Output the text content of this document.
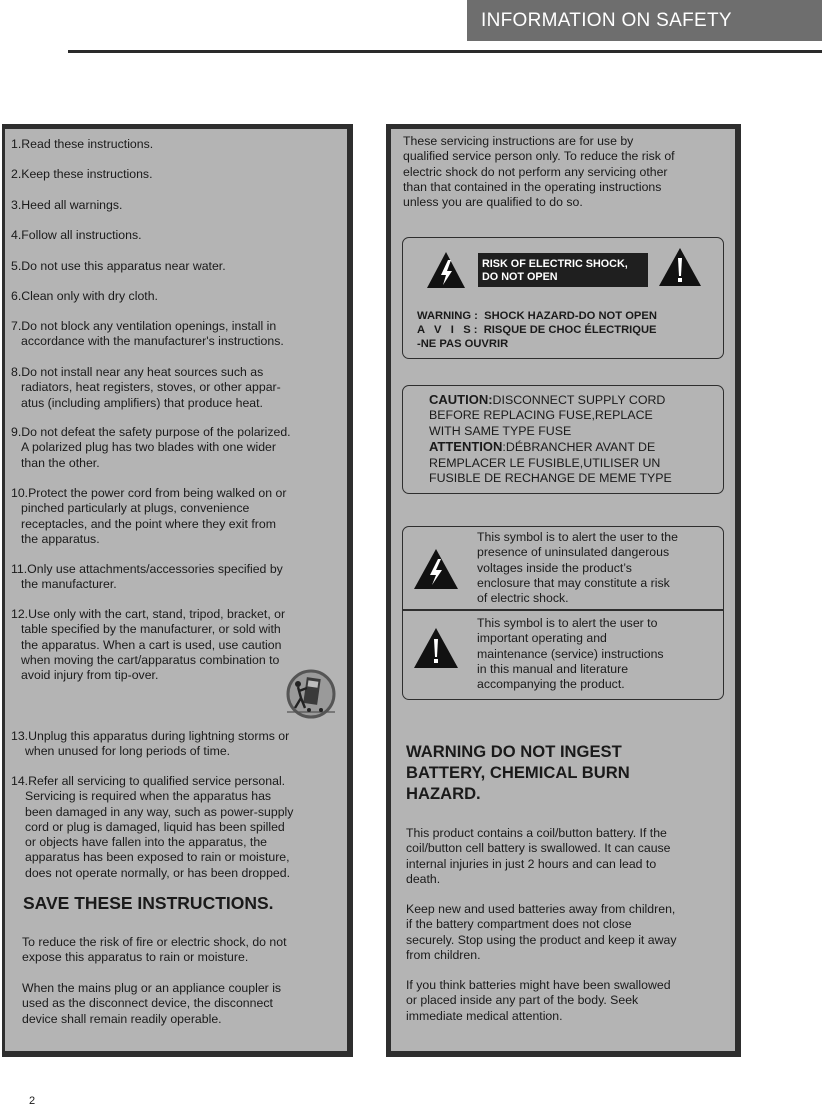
INFORMATION ON SAFETY

1.Read these instructions.

2.Keep these instructions.

3.Heed all warnings.

4.Follow all instructions.

5.Do not use this apparatus near water.

6.Clean only with dry cloth.

7.Do not block any ventilation openings, install in
accordance with the manufacturer's instructions.

8.Do not install near any heat sources such as
radiators, heat registers, stoves, or other appar-
atus (including amplifiers) that produce heat.

9.Do not defeat the safety purpose of the polarized.
A polarized plug has two blades with one wider
than the other.

10.Protect the power cord from being walked on or
pinched particularly at plugs, convenience
receptacles, and the point where they exit from
the apparatus.

11.Only use attachments/accessories specified by
the manufacturer.

12.Use only with the cart, stand, tripod, bracket, or
table specified by the manufacturer, or sold with
the apparatus. When a cart is used, use caution
when moving the cart/apparatus combination to
avoid injury from tip-over.

13.Unplug this apparatus during lightning storms or
when unused for long periods of time.

14.Refer all servicing to qualified service personal.
Servicing is required when the apparatus has
been damaged in any way, such as power-supply
cord or plug is damaged, liquid has been spilled
or objects have fallen into the apparatus, the
apparatus has been exposed to rain or moisture,
does not operate normally, or has been dropped.

SAVE THESE INSTRUCTIONS.

To reduce the risk of fire or electric shock, do not
expose this apparatus to rain or moisture.

When the mains plug or an appliance coupler is
used as the disconnect device, the disconnect
device shall remain readily operable.

These servicing instructions are for use by
qualified service person only. To reduce the risk of
electric shock do not perform any servicing other
than that contained in the operating instructions
unless you are qualified to do so.

RISK OF ELECTRIC SHOCK,
DO NOT OPEN

WARNING :  SHOCK HAZARD-DO NOT OPEN

A   V   I   S :  RISQUE DE CHOC ÉLECTRIQUE

-NE PAS OUVRIR

CAUTION:DISCONNECT SUPPLY CORD
BEFORE REPLACING FUSE,REPLACE
WITH SAME TYPE FUSE
ATTENTION:DÉBRANCHER AVANT DE
REMPLACER LE FUSIBLE,UTILISER UN
FUSIBLE DE RECHANGE DE MEME TYPE

This symbol is to alert the user to the
presence of uninsulated dangerous
voltages inside the product’s
enclosure that may constitute a risk
of electric shock.

This symbol is to alert the user to
important operating and
maintenance (service) instructions
in this manual and literature
accompanying the product.

WARNING DO NOT INGEST
BATTERY, CHEMICAL BURN
HAZARD.

This product contains a coil/button battery. If the
coil/button cell battery is swallowed. It can cause
internal injuries in just 2 hours and can lead to
death.

Keep new and used batteries away from children,
if the battery compartment does not close
securely. Stop using the product and keep it away
from children.

If you think batteries might have been swallowed
or placed inside any part of the body. Seek
immediate medical attention.

2
